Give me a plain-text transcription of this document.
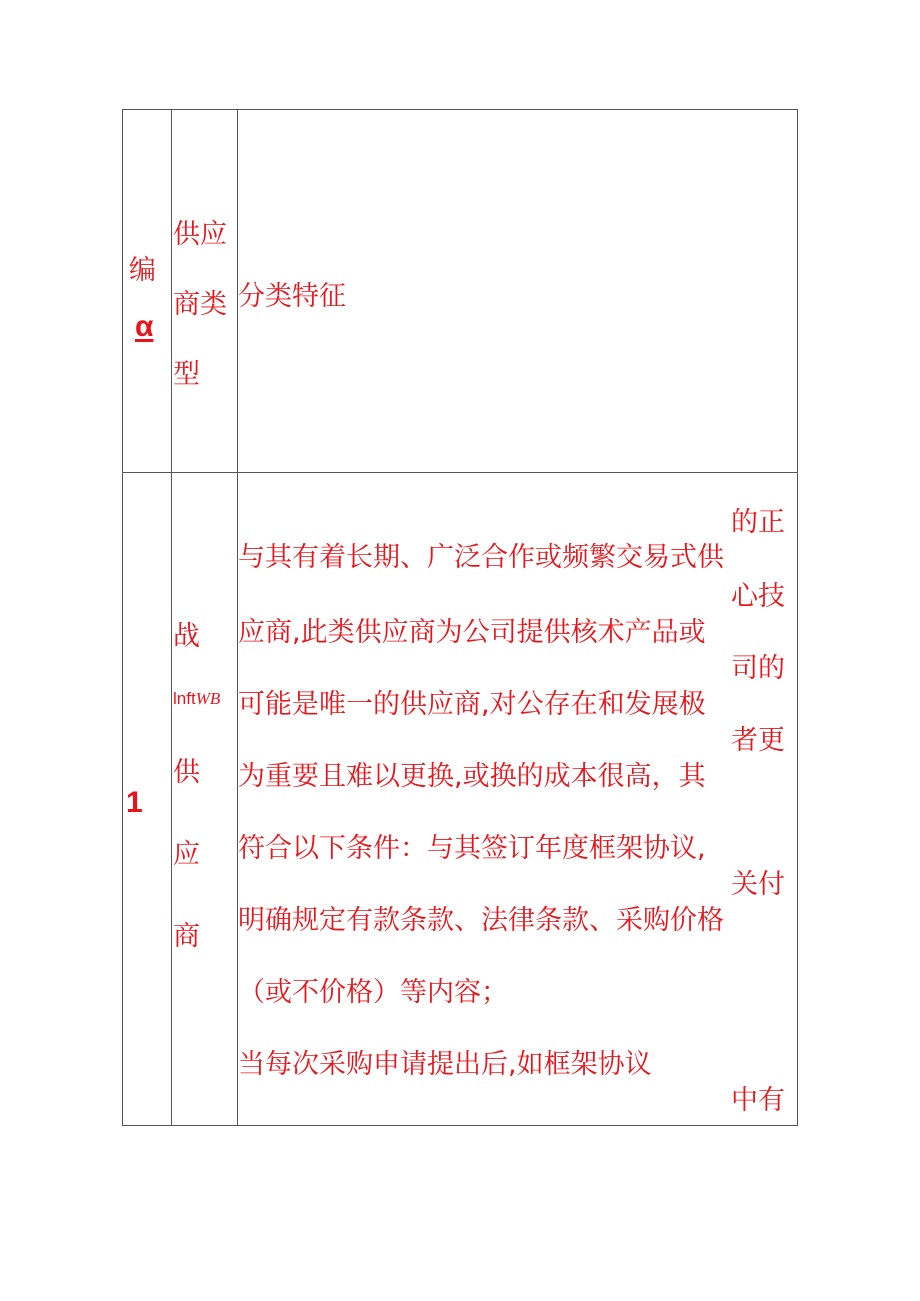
编
α
供应
商类
型
分类特征
1
战
lnftWB
供
应
商
与其有着长期、广泛合作或频繁交易式供
应商,此类供应商为公司提供核术产品或
可能是唯一的供应商,对公存在和发展极
为重要且难以更换,或换的成本很高，其
符合以下条件：与其签订年度框架协议,
明确规定有款条款、法律条款、采购价格
（或不价格）等内容；
当每次采购申请提出后,如框架协议
的正
心技
司的
者更
关付
中有
